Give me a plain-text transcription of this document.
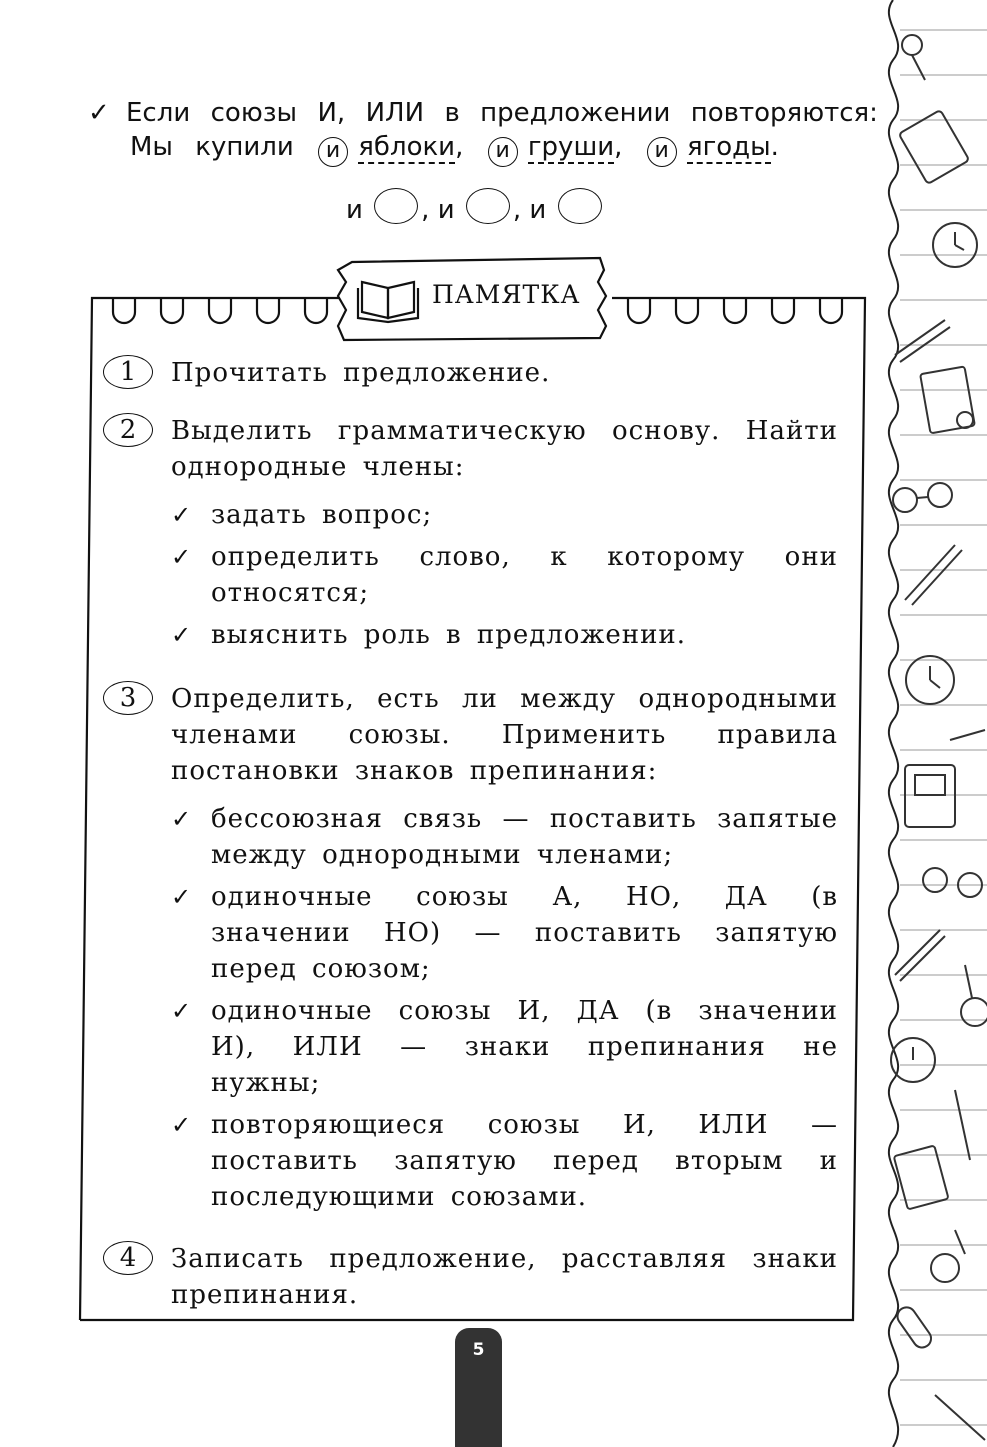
✓ Если союзы И, ИЛИ в предложении повторяются:
Мы купили и яблоки, и груши, и ягоды.
и , и , и
ПАМЯТКА
1	Прочитать предложение.
2	Выделить грамматическую основу. Найти однородные члены:
✓ задать вопрос;
✓ определить слово, к которому они относятся;
✓ выяснить роль в предложении.
3	Определить, есть ли между однородными членами союзы. Применить правила постановки знаков препинания:
✓ бессоюзная связь — поставить запятые между однородными членами;
✓ одиночные союзы А, НО, ДА (в значении НО) — поставить запятую перед союзом;
✓ одиночные союзы И, ДА (в значении И), ИЛИ — знаки препинания не нужны;
✓ повторяющиеся союзы И, ИЛИ — поставить запятую перед вторым и последующими союзами.
4	Записать предложение, расставляя знаки препинания.
5
